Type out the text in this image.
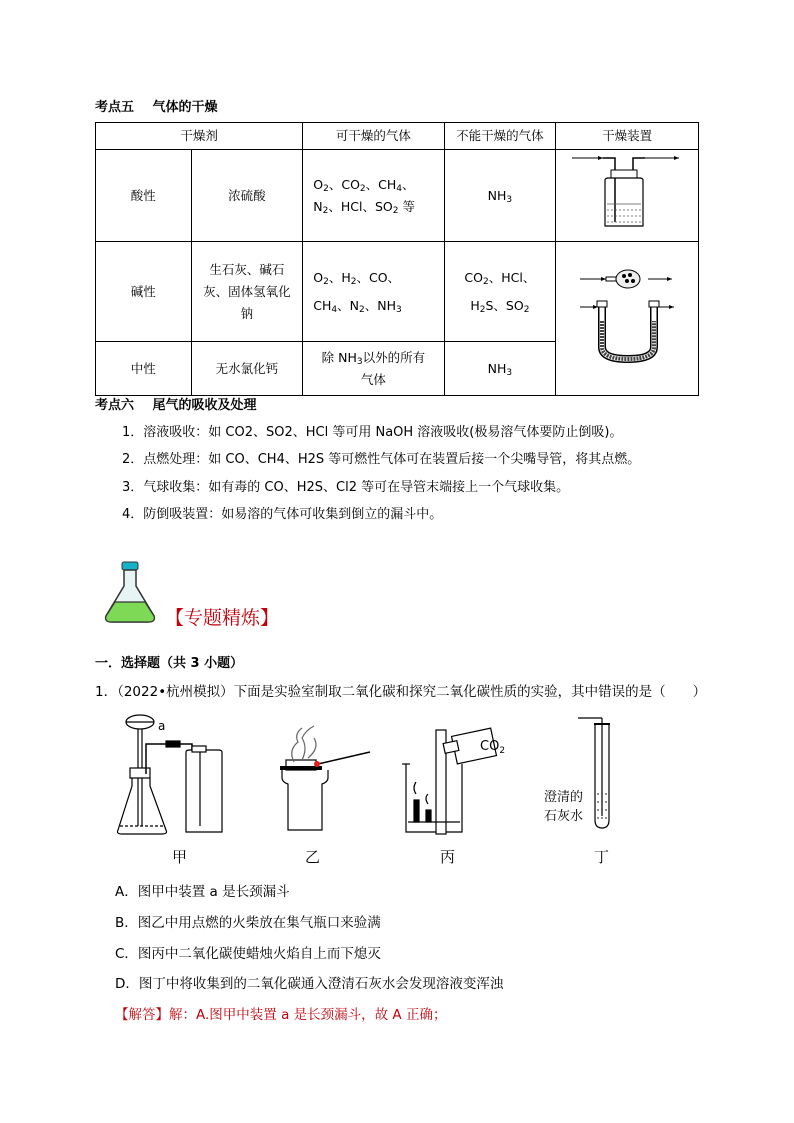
考点五 气体的干燥
干燥剂		可干燥的气体	不能干燥的气体	干燥装置
酸性	浓硫酸	$O_2$、$CO_2$、$CH_4$、
$N_2$、HCl、$SO_2$ 等	$NH_3$	
碱性	生石灰、碱石灰、固体氢氧化钠	$O_2$、$H_2$、CO、
$CH_4$、$N_2$、$NH_3$	$CO_2$、HCl、
$H_2S$、$SO_2$	
中性	无水氯化钙	除 $NH_3$以外的所有
气体	$NH_3$
考点六 尾气的吸收及处理
1．溶液吸收：如 CO2、SO2、HCl 等可用 NaOH 溶液吸收(极易溶气体要防止倒吸)。
2．点燃处理：如 CO、CH4、H2S 等可燃性气体可在装置后接一个尖嘴导管，将其点燃。
3．气球收集：如有毒的 CO、H2S、Cl2 等可在导管末端接上一个气球收集。
4．防倒吸装置：如易溶的气体可收集到倒立的漏斗中。
【专题精炼】
一．选择题（共 3 小题）
1．（2022•杭州模拟）下面是实验室制取二氧化碳和探究二氧化碳性质的实验，其中错误的是（　　）
a
$CO_2$
澄清的
石灰水
甲	乙	丙	丁
A．图甲中装置 a 是长颈漏斗
B．图乙中用点燃的火柴放在集气瓶口来验满
C．图丙中二氧化碳使蜡烛火焰自上而下熄灭
D．图丁中将收集到的二氧化碳通入澄清石灰水会发现溶液变浑浊
【解答】解：A.图甲中装置 a 是长颈漏斗，故 A 正确；
